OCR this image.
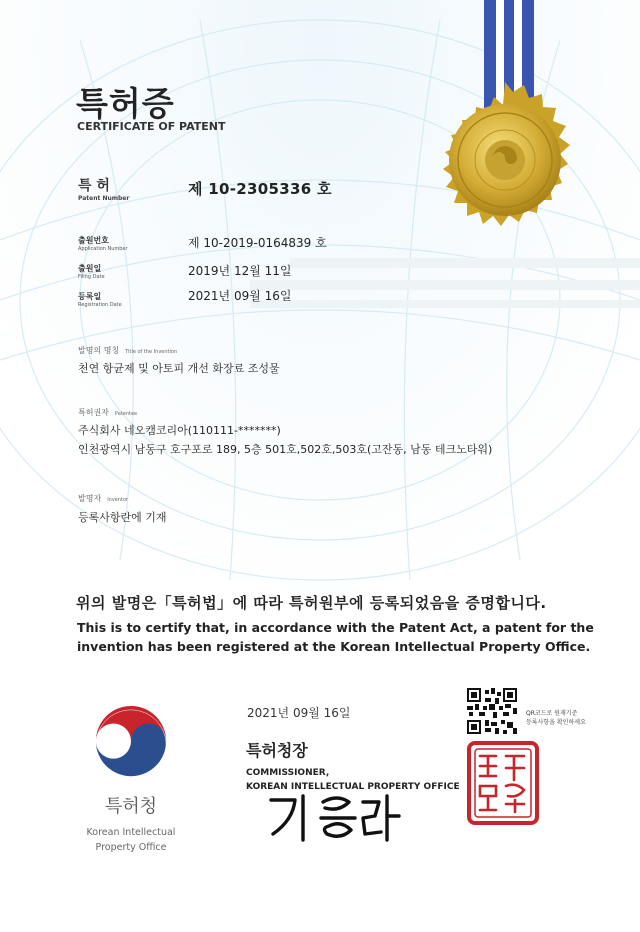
특허증
CERTIFICATE OF PATENT
특 허
Patent Number
제 10-2305336 호
출원번호
Application Number	제 10-2019-0164839 호
출원일
Filing Date	2019년 12월 11일
등록일
Registration Date
2021년 09월 16일
발명의 명칭 Title of the Invention
천연 항균제 및 아토피 개선 화장료 조성물
특허권자 Patentee
주식회사 네오캠코리아(110111-*******)
인천광역시 남동구 호구포로 189, 5층 501호,502호,503호(고잔동, 남동 테크노타워)
발명자 Inventor
등록사항란에 기재
위의 발명은「특허법」에 따라 특허원부에 등록되었음을 증명합니다.
This is to certify that, in accordance with the Patent Act, a patent for the
invention has been registered at the Korean Intellectual Property Office.
2021년 09월 16일
특허청장
COMMISSIONER,
KOREAN INTELLECTUAL PROPERTY OFFICE
QR코드로 원재기준
등록사항을 확인하세요
특허청
Korean Intellectual
Property Office
